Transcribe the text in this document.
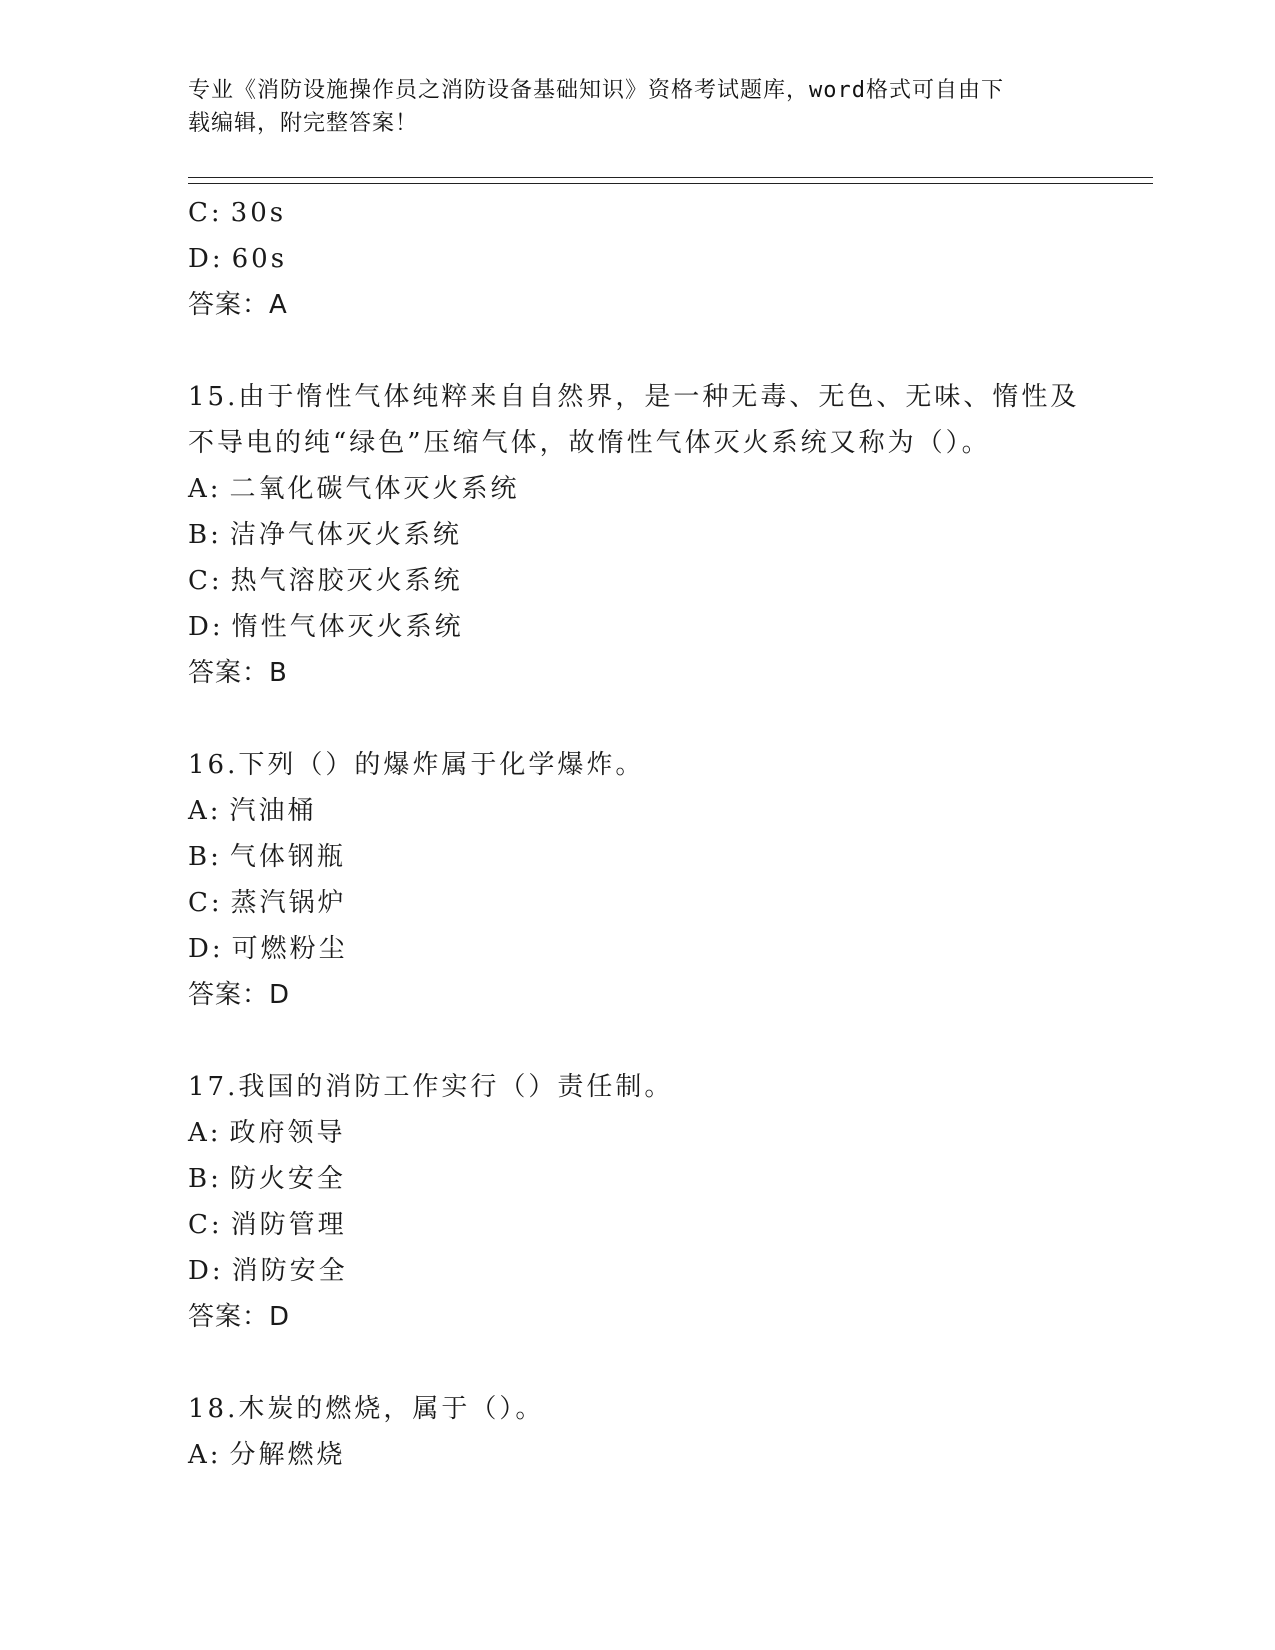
专业《消防设施操作员之消防设备基础知识》资格考试题库，word格式可自由下
载编辑，附完整答案！
C: 30s
D: 60s
答案：A
15.由于惰性气体纯粹来自自然界，是一种无毒、无色、无味、惰性及
不导电的纯“绿色”压缩气体，故惰性气体灭火系统又称为（）。
A: 二氧化碳气体灭火系统
B: 洁净气体灭火系统
C: 热气溶胶灭火系统
D: 惰性气体灭火系统
答案：B
16.下列（）的爆炸属于化学爆炸。
A: 汽油桶
B: 气体钢瓶
C: 蒸汽锅炉
D: 可燃粉尘
答案：D
17.我国的消防工作实行（）责任制。
A: 政府领导
B: 防火安全
C: 消防管理
D: 消防安全
答案：D
18.木炭的燃烧，属于（）。
A: 分解燃烧
